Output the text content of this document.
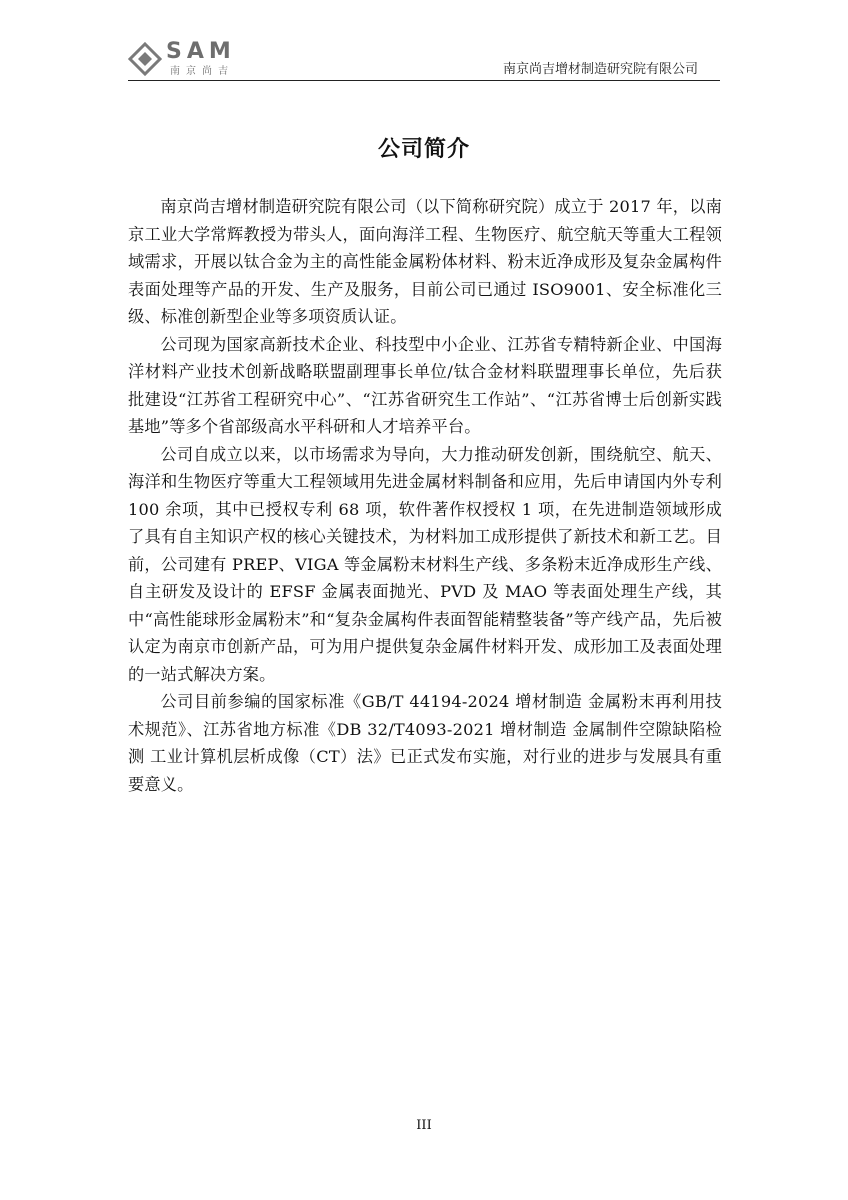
SAM
南京尚吉	南京尚吉增材制造研究院有限公司
公司简介

南京尚吉增材制造研究院有限公司（以下简称研究院）成立于 2017 年，以南京工业大学常辉教授为带头人，面向海洋工程、生物医疗、航空航天等重大工程领域需求，开展以钛合金为主的高性能金属粉体材料、粉末近净成形及复杂金属构件表面处理等产品的开发、生产及服务，目前公司已通过 ISO9001、安全标准化三级、标准创新型企业等多项资质认证。

公司现为国家高新技术企业、科技型中小企业、江苏省专精特新企业、中国海洋材料产业技术创新战略联盟副理事长单位/钛合金材料联盟理事长单位，先后获批建设“江苏省工程研究中心”、“江苏省研究生工作站”、“江苏省博士后创新实践基地”等多个省部级高水平科研和人才培养平台。

公司自成立以来，以市场需求为导向，大力推动研发创新，围绕航空、航天、海洋和生物医疗等重大工程领域用先进金属材料制备和应用，先后申请国内外专利 100 余项，其中已授权专利 68 项，软件著作权授权 1 项，在先进制造领域形成了具有自主知识产权的核心关键技术，为材料加工成形提供了新技术和新工艺。目前，公司建有 PREP、VIGA 等金属粉末材料生产线、多条粉末近净成形生产线、自主研发及设计的 EFSF 金属表面抛光、PVD 及 MAO 等表面处理生产线，其中“高性能球形金属粉末”和“复杂金属构件表面智能精整装备”等产线产品，先后被认定为南京市创新产品，可为用户提供复杂金属件材料开发、成形加工及表面处理的一站式解决方案。

公司目前参编的国家标准《GB/T 44194-2024 增材制造 金属粉末再利用技术规范》、江苏省地方标准《DB 32/T4093-2021 增材制造 金属制件空隙缺陷检测 工业计算机层析成像（CT）法》已正式发布实施，对行业的进步与发展具有重要意义。

III
